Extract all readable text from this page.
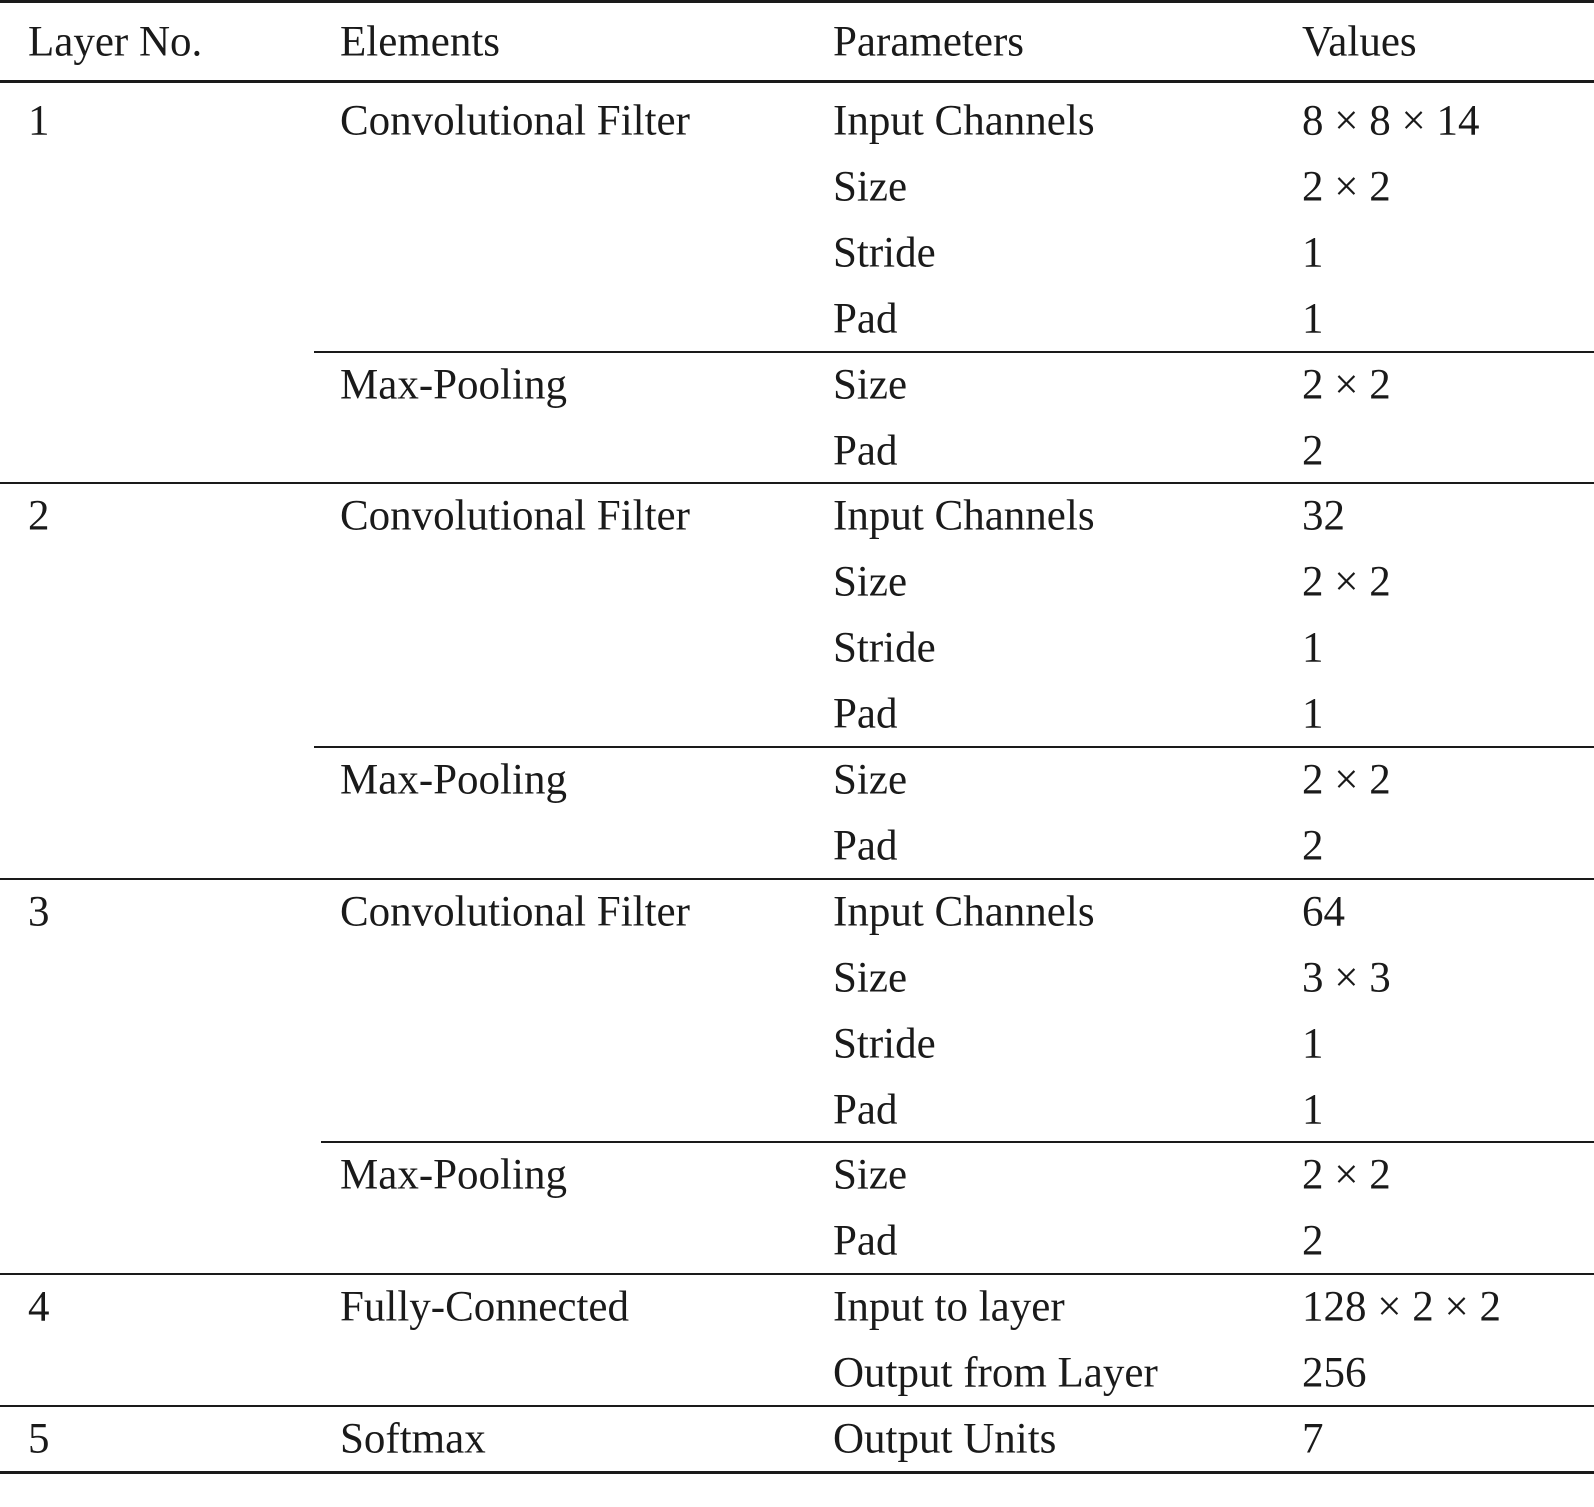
Layer No.	Elements	Parameters	Values
1	Convolutional Filter	Input Channels	8 × 8 × 14
Size	2 × 2
Stride	1
Pad	1
Max-Pooling	Size	2 × 2
Pad	2
2	Convolutional Filter	Input Channels	32
Size	2 × 2
Stride	1
Pad	1
Max-Pooling	Size	2 × 2
Pad	2
3	Convolutional Filter	Input Channels	64
Size	3 × 3
Stride	1
Pad	1
Max-Pooling	Size	2 × 2
Pad	2
4	Fully-Connected	Input to layer	128 × 2 × 2
Output from Layer	256
5	Softmax	Output Units	7
